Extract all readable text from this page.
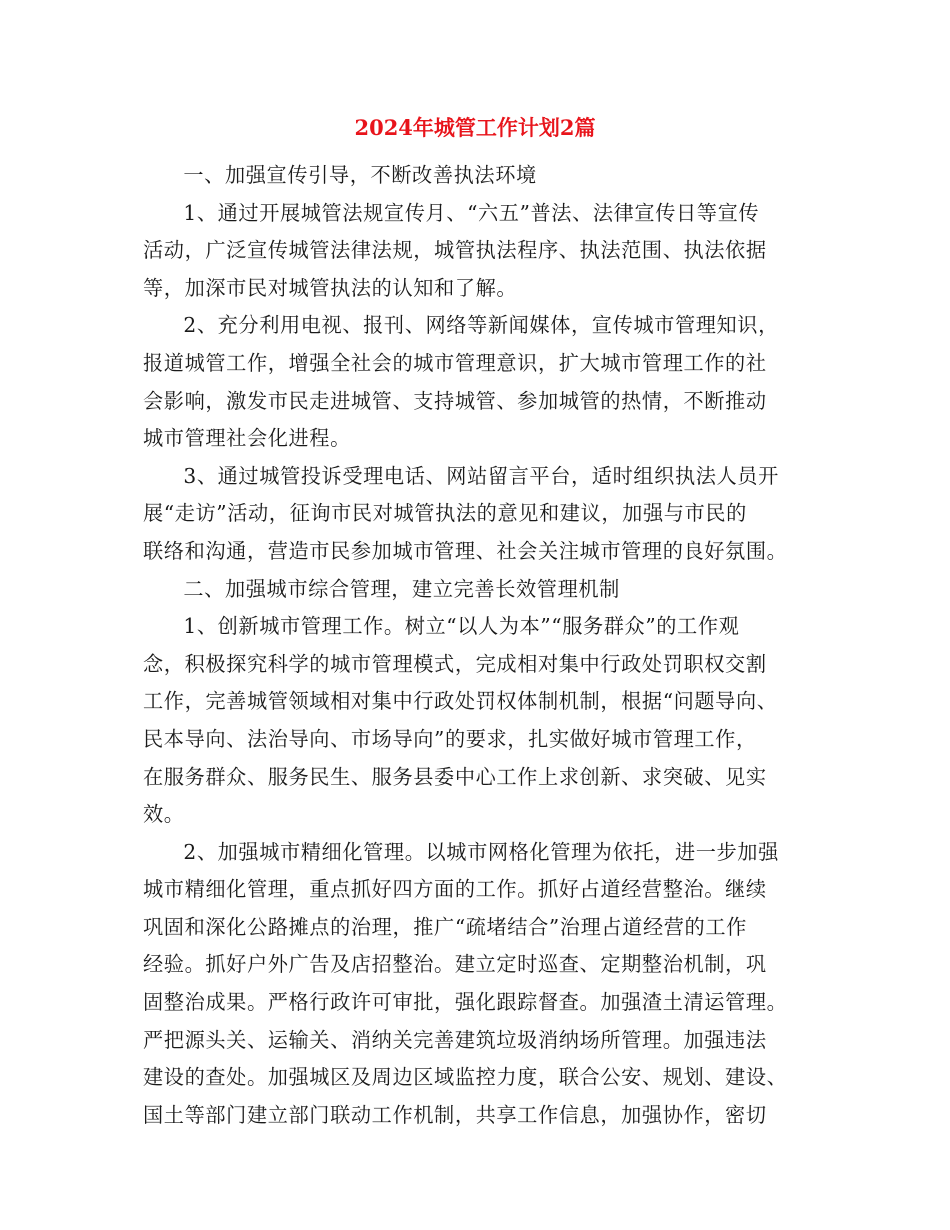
2024年城管工作计划2篇

一、加强宣传引导，不断改善执法环境

1、通过开展城管法规宣传月、“六五”普法、法律宣传日等宣传
活动，广泛宣传城管法律法规，城管执法程序、执法范围、执法依据
等，加深市民对城管执法的认知和了解。

2、充分利用电视、报刊、网络等新闻媒体，宣传城市管理知识，
报道城管工作，增强全社会的城市管理意识，扩大城市管理工作的社
会影响，激发市民走进城管、支持城管、参加城管的热情，不断推动
城市管理社会化进程。

3、通过城管投诉受理电话、网站留言平台，适时组织执法人员开
展“走访”活动，征询市民对城管执法的意见和建议，加强与市民的
联络和沟通，营造市民参加城市管理、社会关注城市管理的良好氛围。

二、加强城市综合管理，建立完善长效管理机制

1、创新城市管理工作。树立“以人为本”“服务群众”的工作观
念，积极探究科学的城市管理模式，完成相对集中行政处罚职权交割
工作，完善城管领域相对集中行政处罚权体制机制，根据“问题导向、
民本导向、法治导向、市场导向”的要求，扎实做好城市管理工作，
在服务群众、服务民生、服务县委中心工作上求创新、求突破、见实
效。

2、加强城市精细化管理。以城市网格化管理为依托，进一步加强
城市精细化管理，重点抓好四方面的工作。抓好占道经营整治。继续
巩固和深化公路摊点的治理，推广“疏堵结合”治理占道经营的工作
经验。抓好户外广告及店招整治。建立定时巡查、定期整治机制，巩
固整治成果。严格行政许可审批，强化跟踪督查。加强渣土清运管理。
严把源头关、运输关、消纳关完善建筑垃圾消纳场所管理。加强违法
建设的查处。加强城区及周边区域监控力度，联合公安、规划、建设、
国土等部门建立部门联动工作机制，共享工作信息，加强协作，密切
